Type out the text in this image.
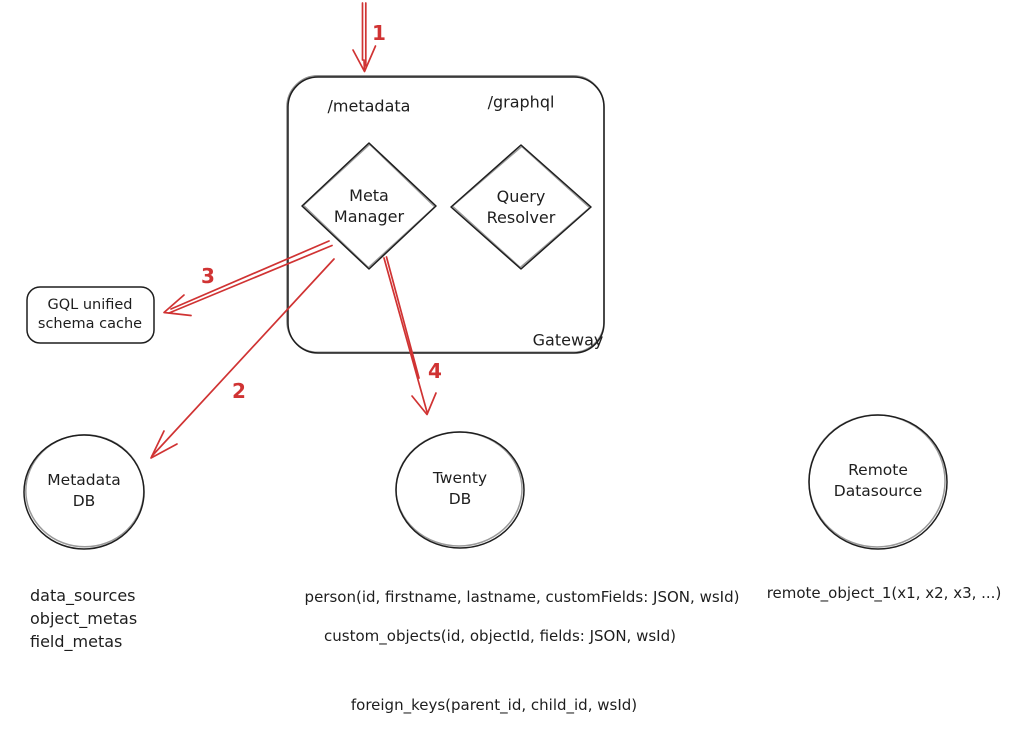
1
2
3
4
/metadata	/graphql
Meta
Manager
Query
Resolver
Gateway
GQL unified
schema cache
Metadata
DB
Twenty
DB
Remote
Datasource
data_sources
object_metas
field_metas
person(id, firstname, lastname, customFields: JSON, wsId)
custom_objects(id, objectId, fields: JSON, wsId)
remote_object_1(x1, x2, x3, ...)
foreign_keys(parent_id, child_id, wsId)
